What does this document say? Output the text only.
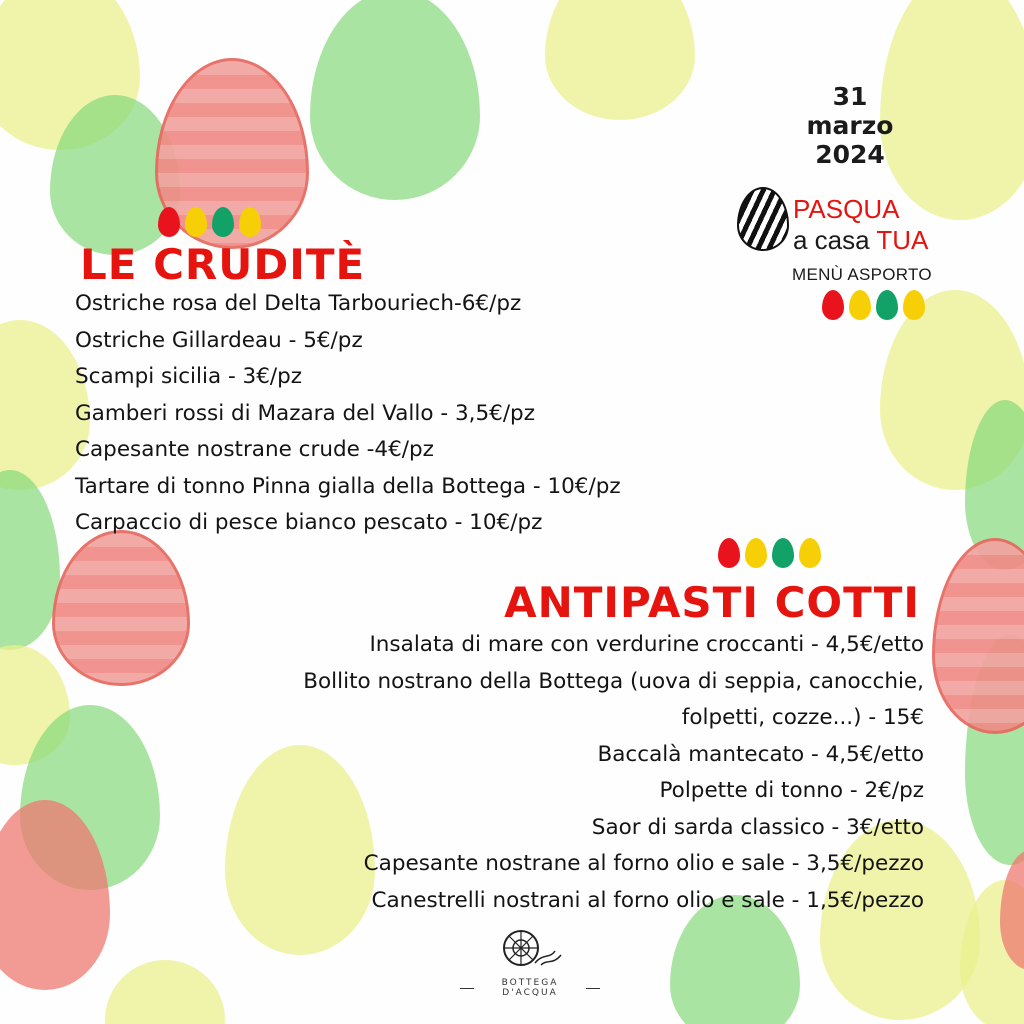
LE CRUDITÈ
Ostriche rosa del Delta Tarbouriech-6€/pz
Ostriche Gillardeau - 5€/pz
Scampi sicilia - 3€/pz
Gamberi rossi di Mazara del Vallo - 3,5€/pz
Capesante nostrane crude -4€/pz
Tartare di tonno Pinna gialla della Bottega - 10€/pz
Carpaccio di pesce bianco pescato - 10€/pz
ANTIPASTI COTTI
Insalata di mare con verdurine croccanti - 4,5€/etto
Bollito nostrano della Bottega (uova di seppia, canocchie,
folpetti, cozze...) - 15€
Baccalà mantecato - 4,5€/etto
Polpette di tonno - 2€/pz
Saor di sarda classico - 3€/etto
Capesante nostrane al forno olio e sale - 3,5€/pezzo
Canestrelli nostrani al forno olio e sale - 1,5€/pezzo
31
marzo
2024
PASQUA
a casa TUA
MENÙ ASPORTO
BOTTEGA D'ACQUA
